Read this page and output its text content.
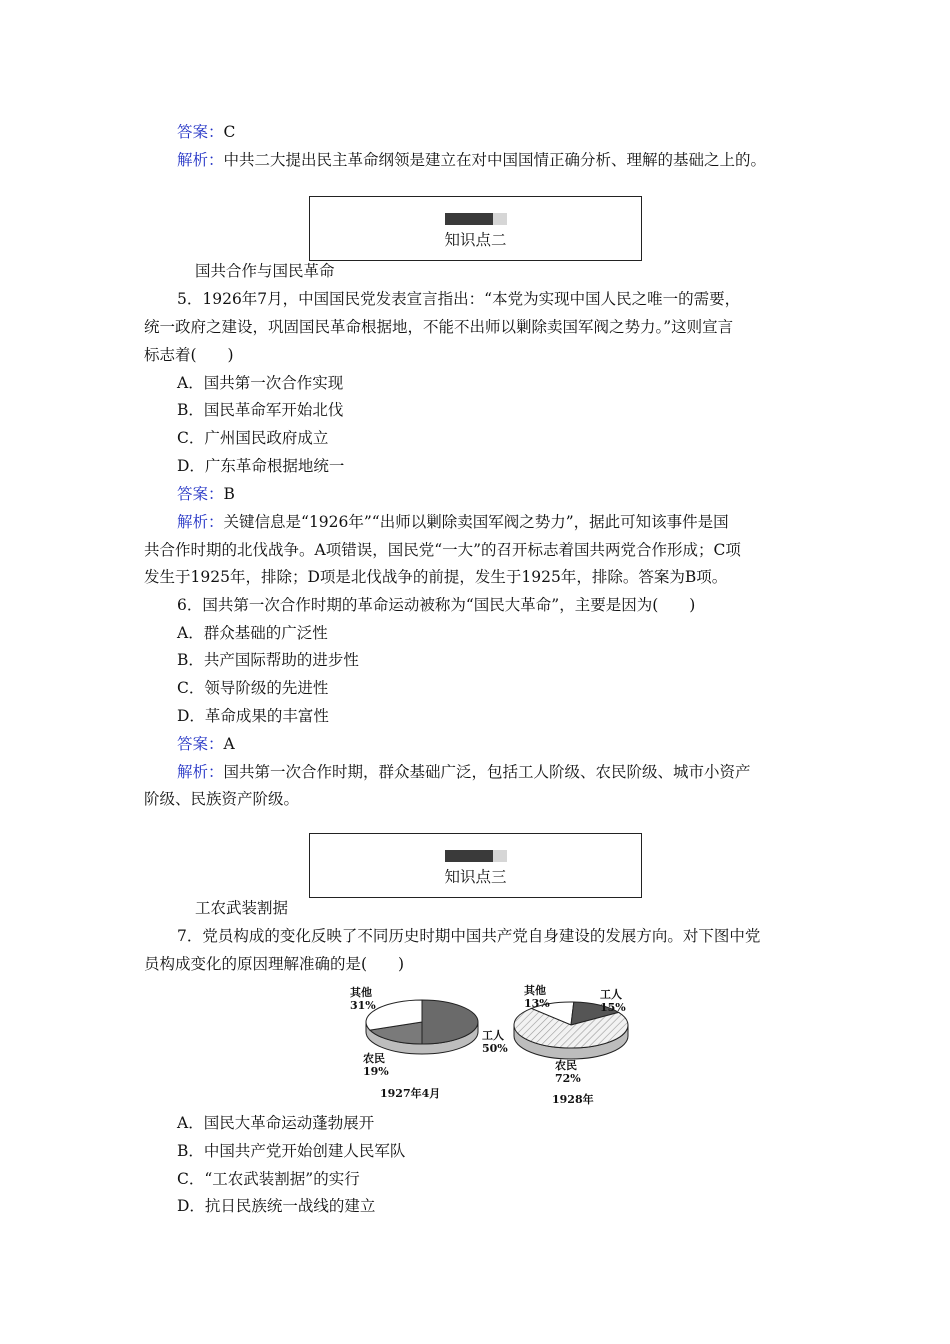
答案：C
解析：中共二大提出民主革命纲领是建立在对中国国情正确分析、理解的基础之上的。
知识点二
国共合作与国民革命
5．1926年7月，中国国民党发表宣言指出：“本党为实现中国人民之唯一的需要，
统一政府之建设，巩固国民革命根据地，不能不出师以剿除卖国军阀之势力。”这则宣言
标志着(　　)
A．国共第一次合作实现
B．国民革命军开始北伐
C．广州国民政府成立
D．广东革命根据地统一
答案：B
解析：关键信息是“1926年”“出师以剿除卖国军阀之势力”，据此可知该事件是国
共合作时期的北伐战争。A项错误，国民党“一大”的召开标志着国共两党合作形成；C项
发生于1925年，排除；D项是北伐战争的前提，发生于1925年，排除。答案为B项。
6．国共第一次合作时期的革命运动被称为“国民大革命”，主要是因为(　　)
A．群众基础的广泛性
B．共产国际帮助的进步性
C．领导阶级的先进性
D．革命成果的丰富性
答案：A
解析：国共第一次合作时期，群众基础广泛，包括工人阶级、农民阶级、城市小资产
阶级、民族资产阶级。
知识点三
工农武装割据
7．党员构成的变化反映了不同历史时期中国共产党自身建设的发展方向。对下图中党
员构成变化的原因理解准确的是(　　)
其他
31%
工人
50%
农民
19%
1927年4月
其他
13%
工人
15%
农民
72%
1928年
A．国民大革命运动蓬勃展开
B．中国共产党开始创建人民军队
C．“工农武装割据”的实行
D．抗日民族统一战线的建立
